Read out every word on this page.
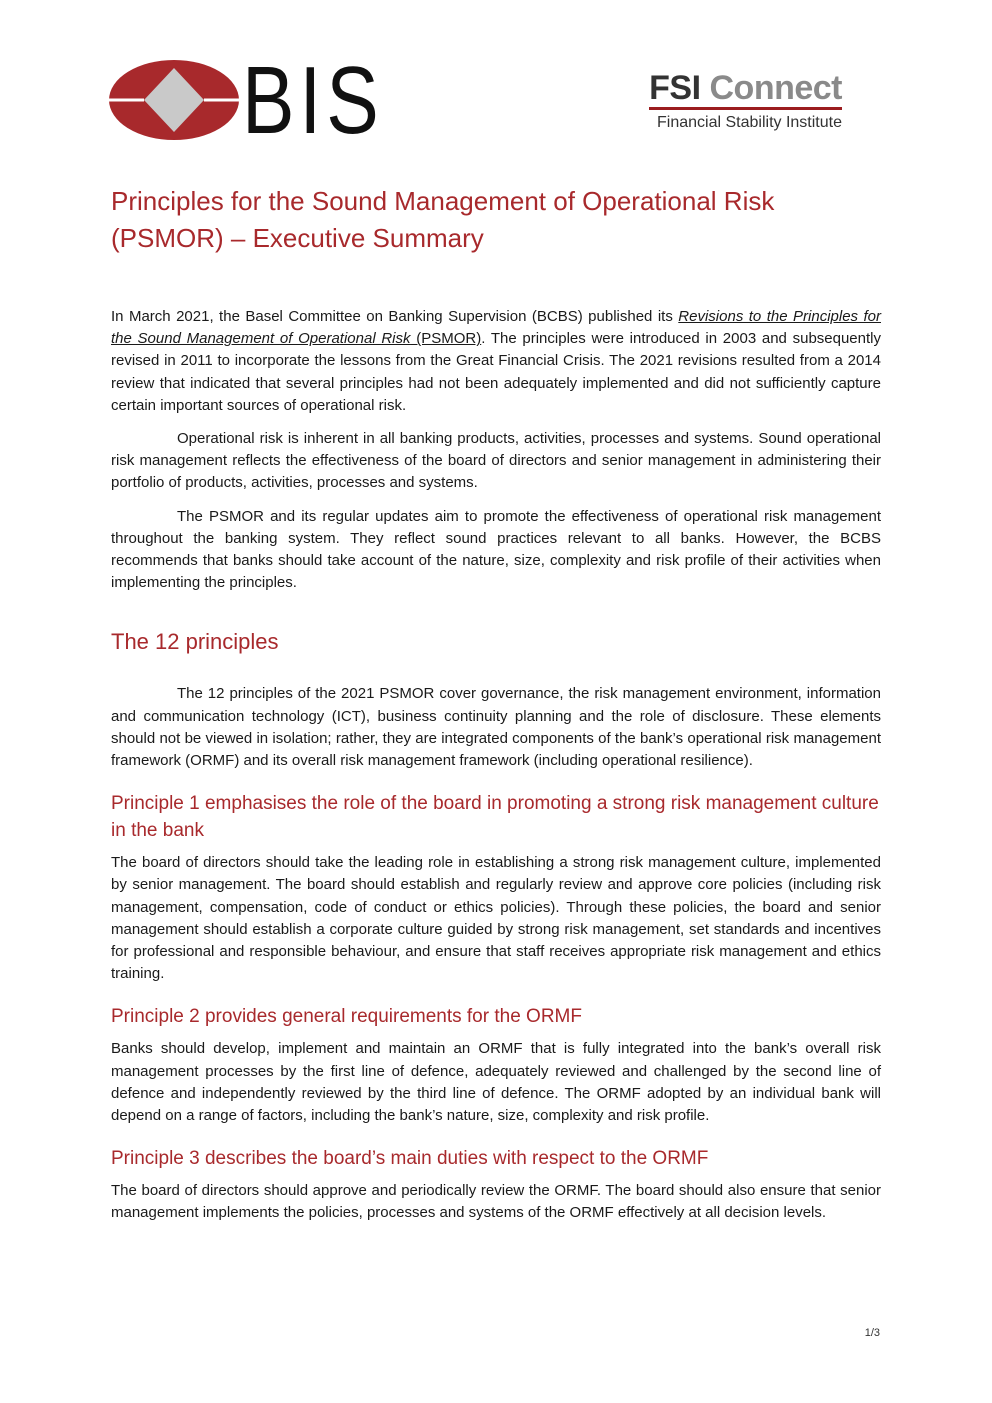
BIS	FSI Connect
Financial Stability Institute
Principles for the Sound Management of Operational Risk (PSMOR) – Executive Summary

In March 2021, the Basel Committee on Banking Supervision (BCBS) published its Revisions to the Principles for the Sound Management of Operational Risk (PSMOR). The principles were introduced in 2003 and subsequently revised in 2011 to incorporate the lessons from the Great Financial Crisis. The 2021 revisions resulted from a 2014 review that indicated that several principles had not been adequately implemented and did not sufficiently capture certain important sources of operational risk.

Operational risk is inherent in all banking products, activities, processes and systems. Sound operational risk management reflects the effectiveness of the board of directors and senior management in administering their portfolio of products, activities, processes and systems.

The PSMOR and its regular updates aim to promote the effectiveness of operational risk management throughout the banking system. They reflect sound practices relevant to all banks. However, the BCBS recommends that banks should take account of the nature, size, complexity and risk profile of their activities when implementing the principles.

The 12 principles

The 12 principles of the 2021 PSMOR cover governance, the risk management environment, information and communication technology (ICT), business continuity planning and the role of disclosure. These elements should not be viewed in isolation; rather, they are integrated components of the bank’s operational risk management framework (ORMF) and its overall risk management framework (including operational resilience).

Principle 1 emphasises the role of the board in promoting a strong risk management culture in the bank

The board of directors should take the leading role in establishing a strong risk management culture, implemented by senior management. The board should establish and regularly review and approve core policies (including risk management, compensation, code of conduct or ethics policies). Through these policies, the board and senior management should establish a corporate culture guided by strong risk management, set standards and incentives for professional and responsible behaviour, and ensure that staff receives appropriate risk management and ethics training.

Principle 2 provides general requirements for the ORMF

Banks should develop, implement and maintain an ORMF that is fully integrated into the bank’s overall risk management processes by the first line of defence, adequately reviewed and challenged by the second line of defence and independently reviewed by the third line of defence. The ORMF adopted by an individual bank will depend on a range of factors, including the bank’s nature, size, complexity and risk profile.

Principle 3 describes the board’s main duties with respect to the ORMF

The board of directors should approve and periodically review the ORMF. The board should also ensure that senior management implements the policies, processes and systems of the ORMF effectively at all decision levels.

1/3
